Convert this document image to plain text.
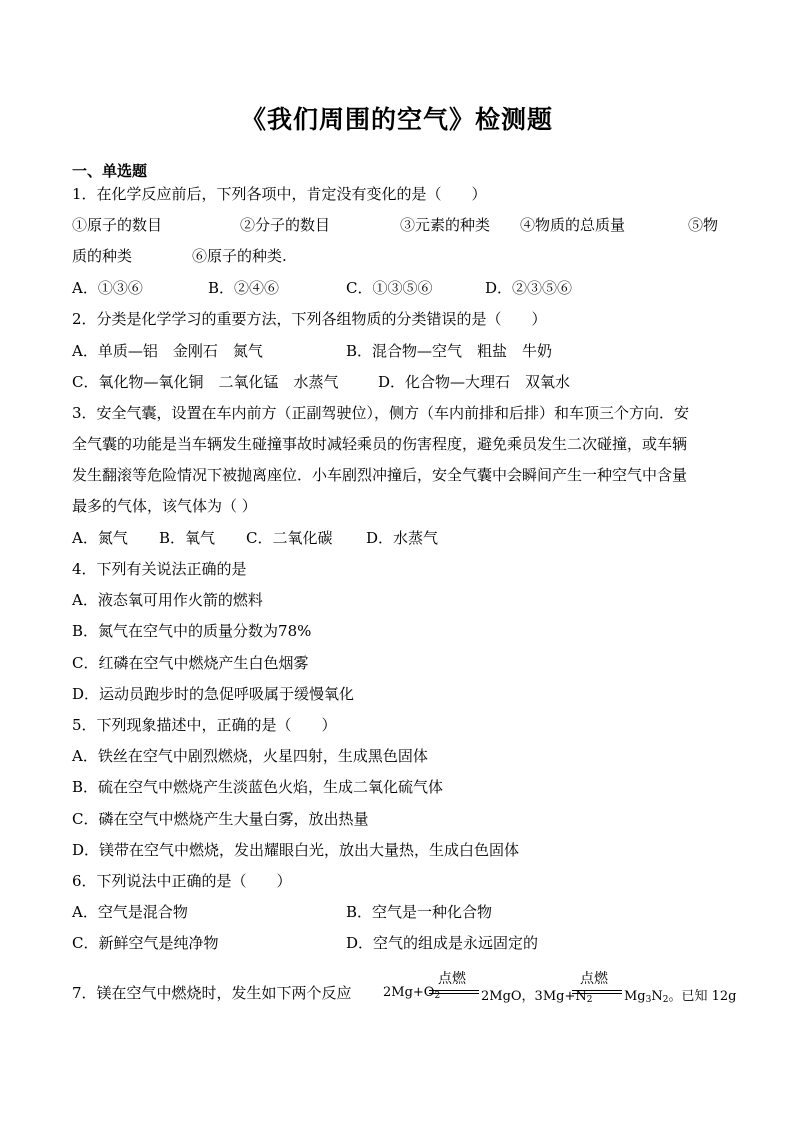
《我们周围的空气》检测题
一、单选题
1．在化学反应前后，下列各项中，肯定没有变化的是（　　）
①原子的数目	②分子的数目	③元素的种类 ④物质的总质量	⑤物
质的种类	⑥原子的种类.
A．①③⑥	B．②④⑥	C．①③⑤⑥	D．②③⑤⑥
2．分类是化学学习的重要方法，下列各组物质的分类错误的是（　　）
A．单质—铝　金刚石　氮气	B．混合物—空气　粗盐　牛奶
C．氧化物—氧化铜　二氧化锰　水蒸气	D．化合物—大理石　双氧水
3．安全气囊，设置在车内前方（正副驾驶位），侧方（车内前排和后排）和车顶三个方向．安
全气囊的功能是当车辆发生碰撞事故时减轻乘员的伤害程度，避免乘员发生二次碰撞，或车辆
发生翻滚等危险情况下被抛离座位．小车剧烈冲撞后，安全气囊中会瞬间产生一种空气中含量
最多的气体，该气体为（ ）
A．氮气 B．氧气 C．二氧化碳 D．水蒸气
4．下列有关说法正确的是
A．液态氧可用作火箭的燃料
B．氮气在空气中的质量分数为78%
C．红磷在空气中燃烧产生白色烟雾
D．运动员跑步时的急促呼吸属于缓慢氧化
5．下列现象描述中，正确的是（　　）
A．铁丝在空气中剧烈燃烧，火星四射，生成黑色固体
B．硫在空气中燃烧产生淡蓝色火焰，生成二氧化硫气体
C．磷在空气中燃烧产生大量白雾，放出热量
D．镁带在空气中燃烧，发出耀眼白光，放出大量热，生成白色固体
6．下列说法中正确的是（　　）
A．空气是混合物	B．空气是一种化合物
C．新鲜空气是纯净物	D．空气的组成是永远固定的
7．镁在空气中燃烧时，发生如下两个反应 $2Mg+O_2$
点燃
2MgO，$3Mg+N_2$
点燃
$Mg_3N_2$。已知 12g
